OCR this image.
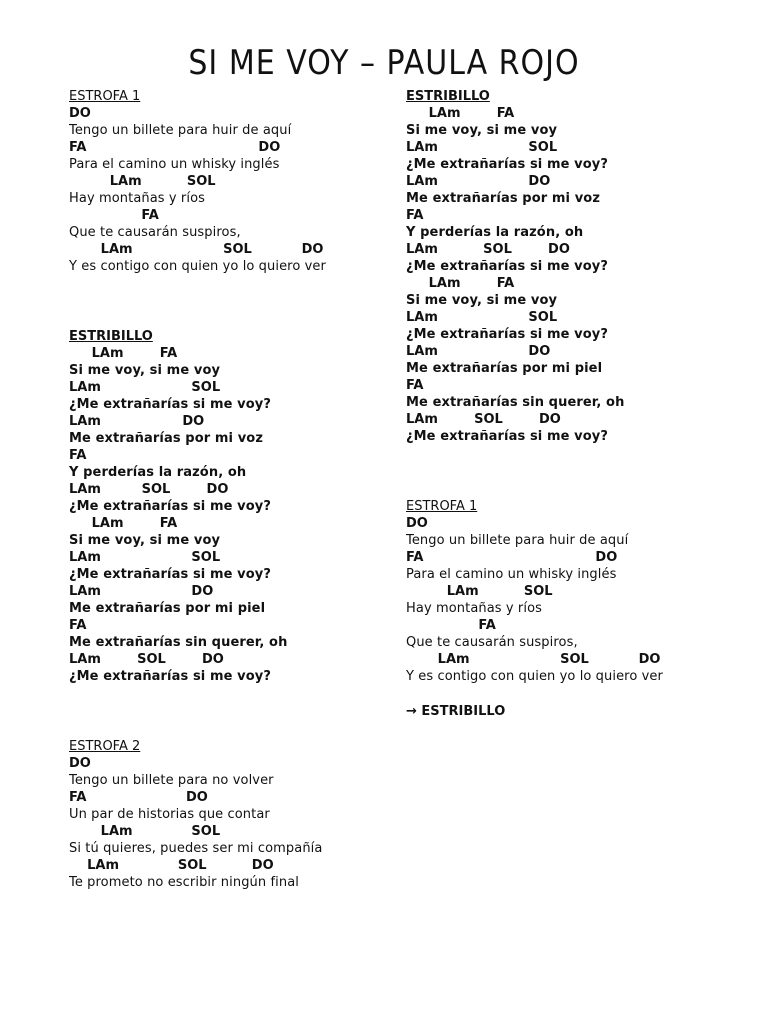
SI ME VOY – PAULA ROJO
ESTROFA 1
DO
Tengo un billete para huir de aquí
FA                                      DO
Para el camino un whisky inglés
LAm          SOL
Hay montañas y ríos
FA
Que te causarán suspiros,
LAm                    SOL           DO
Y es contigo con quien yo lo quiero ver
ESTRIBILLO
LAm        FA
Si me voy, si me voy
LAm                    SOL
¿Me extrañarías si me voy?
LAm                  DO
Me extrañarías por mi voz
FA
Y perderías la razón, oh
LAm         SOL        DO
¿Me extrañarías si me voy?
LAm        FA
Si me voy, si me voy
LAm                    SOL
¿Me extrañarías si me voy?
LAm                    DO
Me extrañarías por mi piel
FA
Me extrañarías sin querer, oh
LAm        SOL        DO
¿Me extrañarías si me voy?
ESTROFA 2
DO
Tengo un billete para no volver
FA                      DO
Un par de historias que contar
LAm             SOL
Si tú quieres, puedes ser mi compañía
LAm             SOL          DO
Te prometo no escribir ningún final
ESTRIBILLO
LAm        FA
Si me voy, si me voy
LAm                    SOL
¿Me extrañarías si me voy?
LAm                    DO
Me extrañarías por mi voz
FA
Y perderías la razón, oh
LAm          SOL        DO
¿Me extrañarías si me voy?
LAm        FA
Si me voy, si me voy
LAm                    SOL
¿Me extrañarías si me voy?
LAm                    DO
Me extrañarías por mi piel
FA
Me extrañarías sin querer, oh
LAm        SOL        DO
¿Me extrañarías si me voy?
ESTROFA 1
DO
Tengo un billete para huir de aquí
FA                                      DO
Para el camino un whisky inglés
LAm          SOL
Hay montañas y ríos
FA
Que te causarán suspiros,
LAm                    SOL           DO
Y es contigo con quien yo lo quiero ver
→ ESTRIBILLO
